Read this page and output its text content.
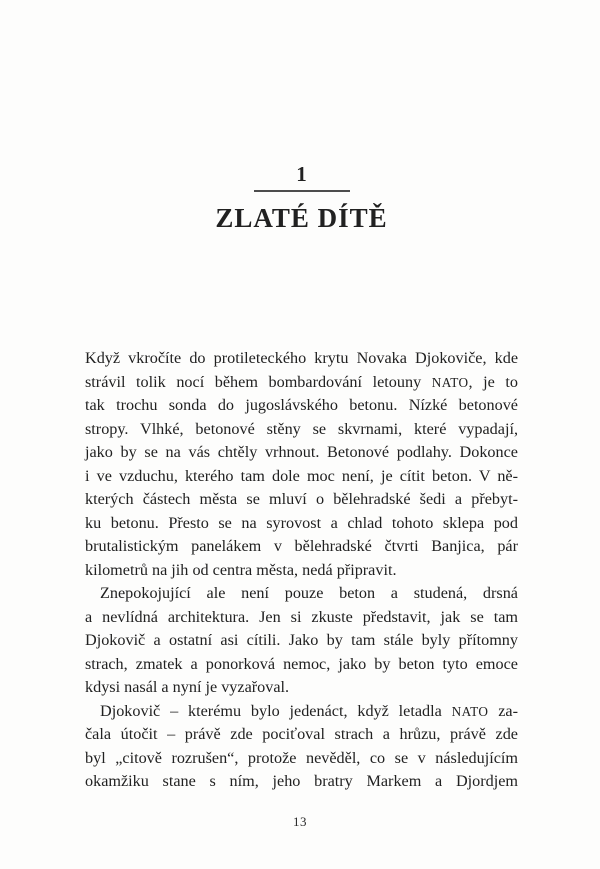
1
ZLATÉ DÍTĚ
Když vkročíte do protileteckého krytu Novaka Djokoviče, kde
strávil tolik nocí během bombardování letouny NATO, je to
tak trochu sonda do jugoslávského betonu. Nízké betonové
stropy. Vlhké, betonové stěny se skvrnami, které vypadají,
jako by se na vás chtěly vrhnout. Betonové podlahy. Dokonce
i ve vzduchu, kterého tam dole moc není, je cítit beton. V ně-
kterých částech města se mluví o bělehradské šedi a přebyt-
ku betonu. Přesto se na syrovost a chlad tohoto sklepa pod
brutalistickým panelákem v bělehradské čtvrti Banjica, pár
kilometrů na jih od centra města, nedá připravit.
Znepokojující ale není pouze beton a studená, drsná
a nevlídná architektura. Jen si zkuste představit, jak se tam
Djokovič a ostatní asi cítili. Jako by tam stále byly přítomny
strach, zmatek a ponorková nemoc, jako by beton tyto emoce
kdysi nasál a nyní je vyzařoval.
Djokovič – kterému bylo jedenáct, když letadla NATO za-
čala útočit – právě zde pociťoval strach a hrůzu, právě zde
byl „citově rozrušen“, protože nevěděl, co se v následujícím
okamžiku stane s ním, jeho bratry Markem a Djordjem
13
